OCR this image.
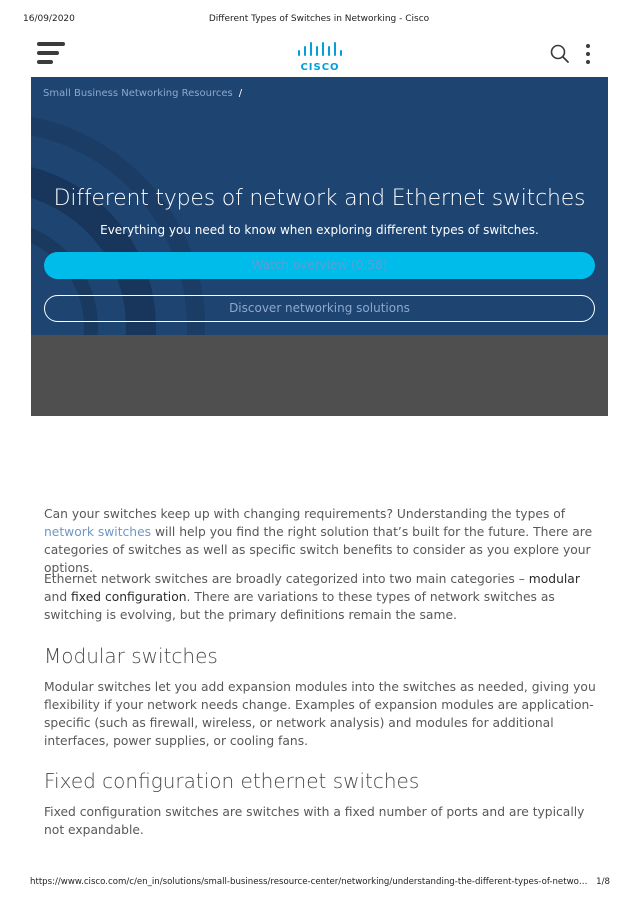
16/09/2020	Different Types of Switches in Networking - Cisco
CISCO
Small Business Networking Resources /
Different types of network and Ethernet switches
Everything you need to know when exploring different types of switches.
Watch overview (0:58)
Discover networking solutions

Can your switches keep up with changing requirements? Understanding the types of network switches will help you find the right solution that’s built for the future. There are categories of switches as well as specific switch benefits to consider as you explore your options.

Ethernet network switches are broadly categorized into two main categories – modular and fixed configuration. There are variations to these types of network switches as switching is evolving, but the primary definitions remain the same.

Modular switches

Modular switches let you add expansion modules into the switches as needed, giving you flexibility if your network needs change. Examples of expansion modules are application-specific (such as firewall, wireless, or network analysis) and modules for additional interfaces, power supplies, or cooling fans.

Fixed configuration ethernet switches

Fixed configuration switches are switches with a fixed number of ports and are typically not expandable.

https://www.cisco.com/c/en_in/solutions/small-business/resource-center/networking/understanding-the-different-types-of-netwo… 1/8
